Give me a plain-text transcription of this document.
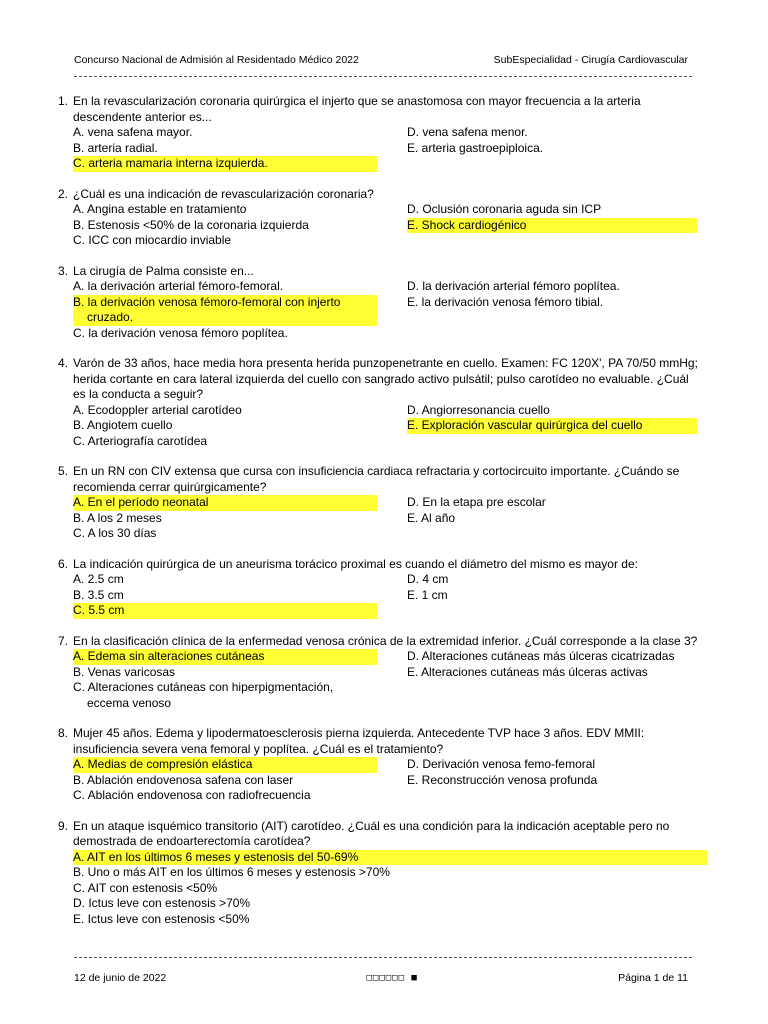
Concurso Nacional de Admisión al Residentado Médico 2022	SubEspecialidad - Cirugía Cardiovascular
1. En la revascularización coronaria quirúrgica el injerto que se anastomosa con mayor frecuencia a la arteria descendente anterior es...
A. vena safena mayor.	D. vena safena menor.
B. arteria radial.	E. arteria gastroepiploica.
C. arteria mamaria interna izquierda.
2. ¿Cuál es una indicación de revascularización coronaria?
A. Angina estable en tratamiento	D. Oclusión coronaria aguda sin ICP
B. Estenosis <50% de la coronaria izquierda	E. Shock cardiogénico
C. ICC con miocardio inviable
3. La cirugía de Palma consiste en...
A. la derivación arterial fémoro-femoral.	D. la derivación arterial fémoro poplítea.
B. la derivación venosa fémoro-femoral con injerto
cruzado.
E. la derivación venosa fémoro tibial.
C. la derivación venosa fémoro poplítea.
4. Varón de 33 años, hace media hora presenta herida punzopenetrante en cuello. Examen: FC 120X', PA 70/50 mmHg; herida cortante en cara lateral izquierda del cuello con sangrado activo pulsátil; pulso carotídeo no evaluable. ¿Cuál es la conducta a seguir?
A. Ecodoppler arterial carotídeo	D. Angiorresonancia cuello
B. Angiotem cuello	E. Exploración vascular quirúrgica del cuello
C. Arteriografía carotídea
5. En un RN con CIV extensa que cursa con insuficiencia cardiaca refractaria y cortocircuito importante. ¿Cuándo se recomienda cerrar quirúrgicamente?
A. En el período neonatal	D. En la etapa pre escolar
B. A los 2 meses	E. Al año
C. A los 30 días
6. La indicación quirúrgica de un aneurisma torácico proximal es cuando el diámetro del mismo es mayor de:
A. 2.5 cm	D. 4 cm
B. 3.5 cm	E. 1 cm
C. 5.5 cm
7. En la clasificación clínica de la enfermedad venosa crónica de la extremidad inferior. ¿Cuál corresponde a la clase 3?
A. Edema sin alteraciones cutáneas	D. Alteraciones cutáneas más úlceras cicatrizadas
B. Venas varicosas	E. Alteraciones cutáneas más úlceras activas
C. Alteraciones cutáneas con hiperpigmentación,
eccema venoso
8. Mujer 45 años. Edema y lipodermatoesclerosis pierna izquierda. Antecedente TVP hace 3 años. EDV MMII: insuficiencia severa vena femoral y poplítea. ¿Cuál es el tratamiento?
A. Medias de compresión elástica	D. Derivación venosa femo-femoral
B. Ablación endovenosa safena con laser	E. Reconstrucción venosa profunda
C. Ablación endovenosa con radiofrecuencia
9. En un ataque isquémico transitorio (AIT) carotídeo. ¿Cuál es una condición para la indicación aceptable pero no demostrada de endoarterectomía carotídea?
A. AIT en los últimos 6 meses y estenosis del 50-69%
B. Uno o más AIT en los últimos 6 meses y estenosis >70%
C. AIT con estenosis <50%
D. Ictus leve con estenosis >70%
E. Ictus leve con estenosis <50%
12 de junio de 2022	□□□□□□ ■	Página 1 de 11
